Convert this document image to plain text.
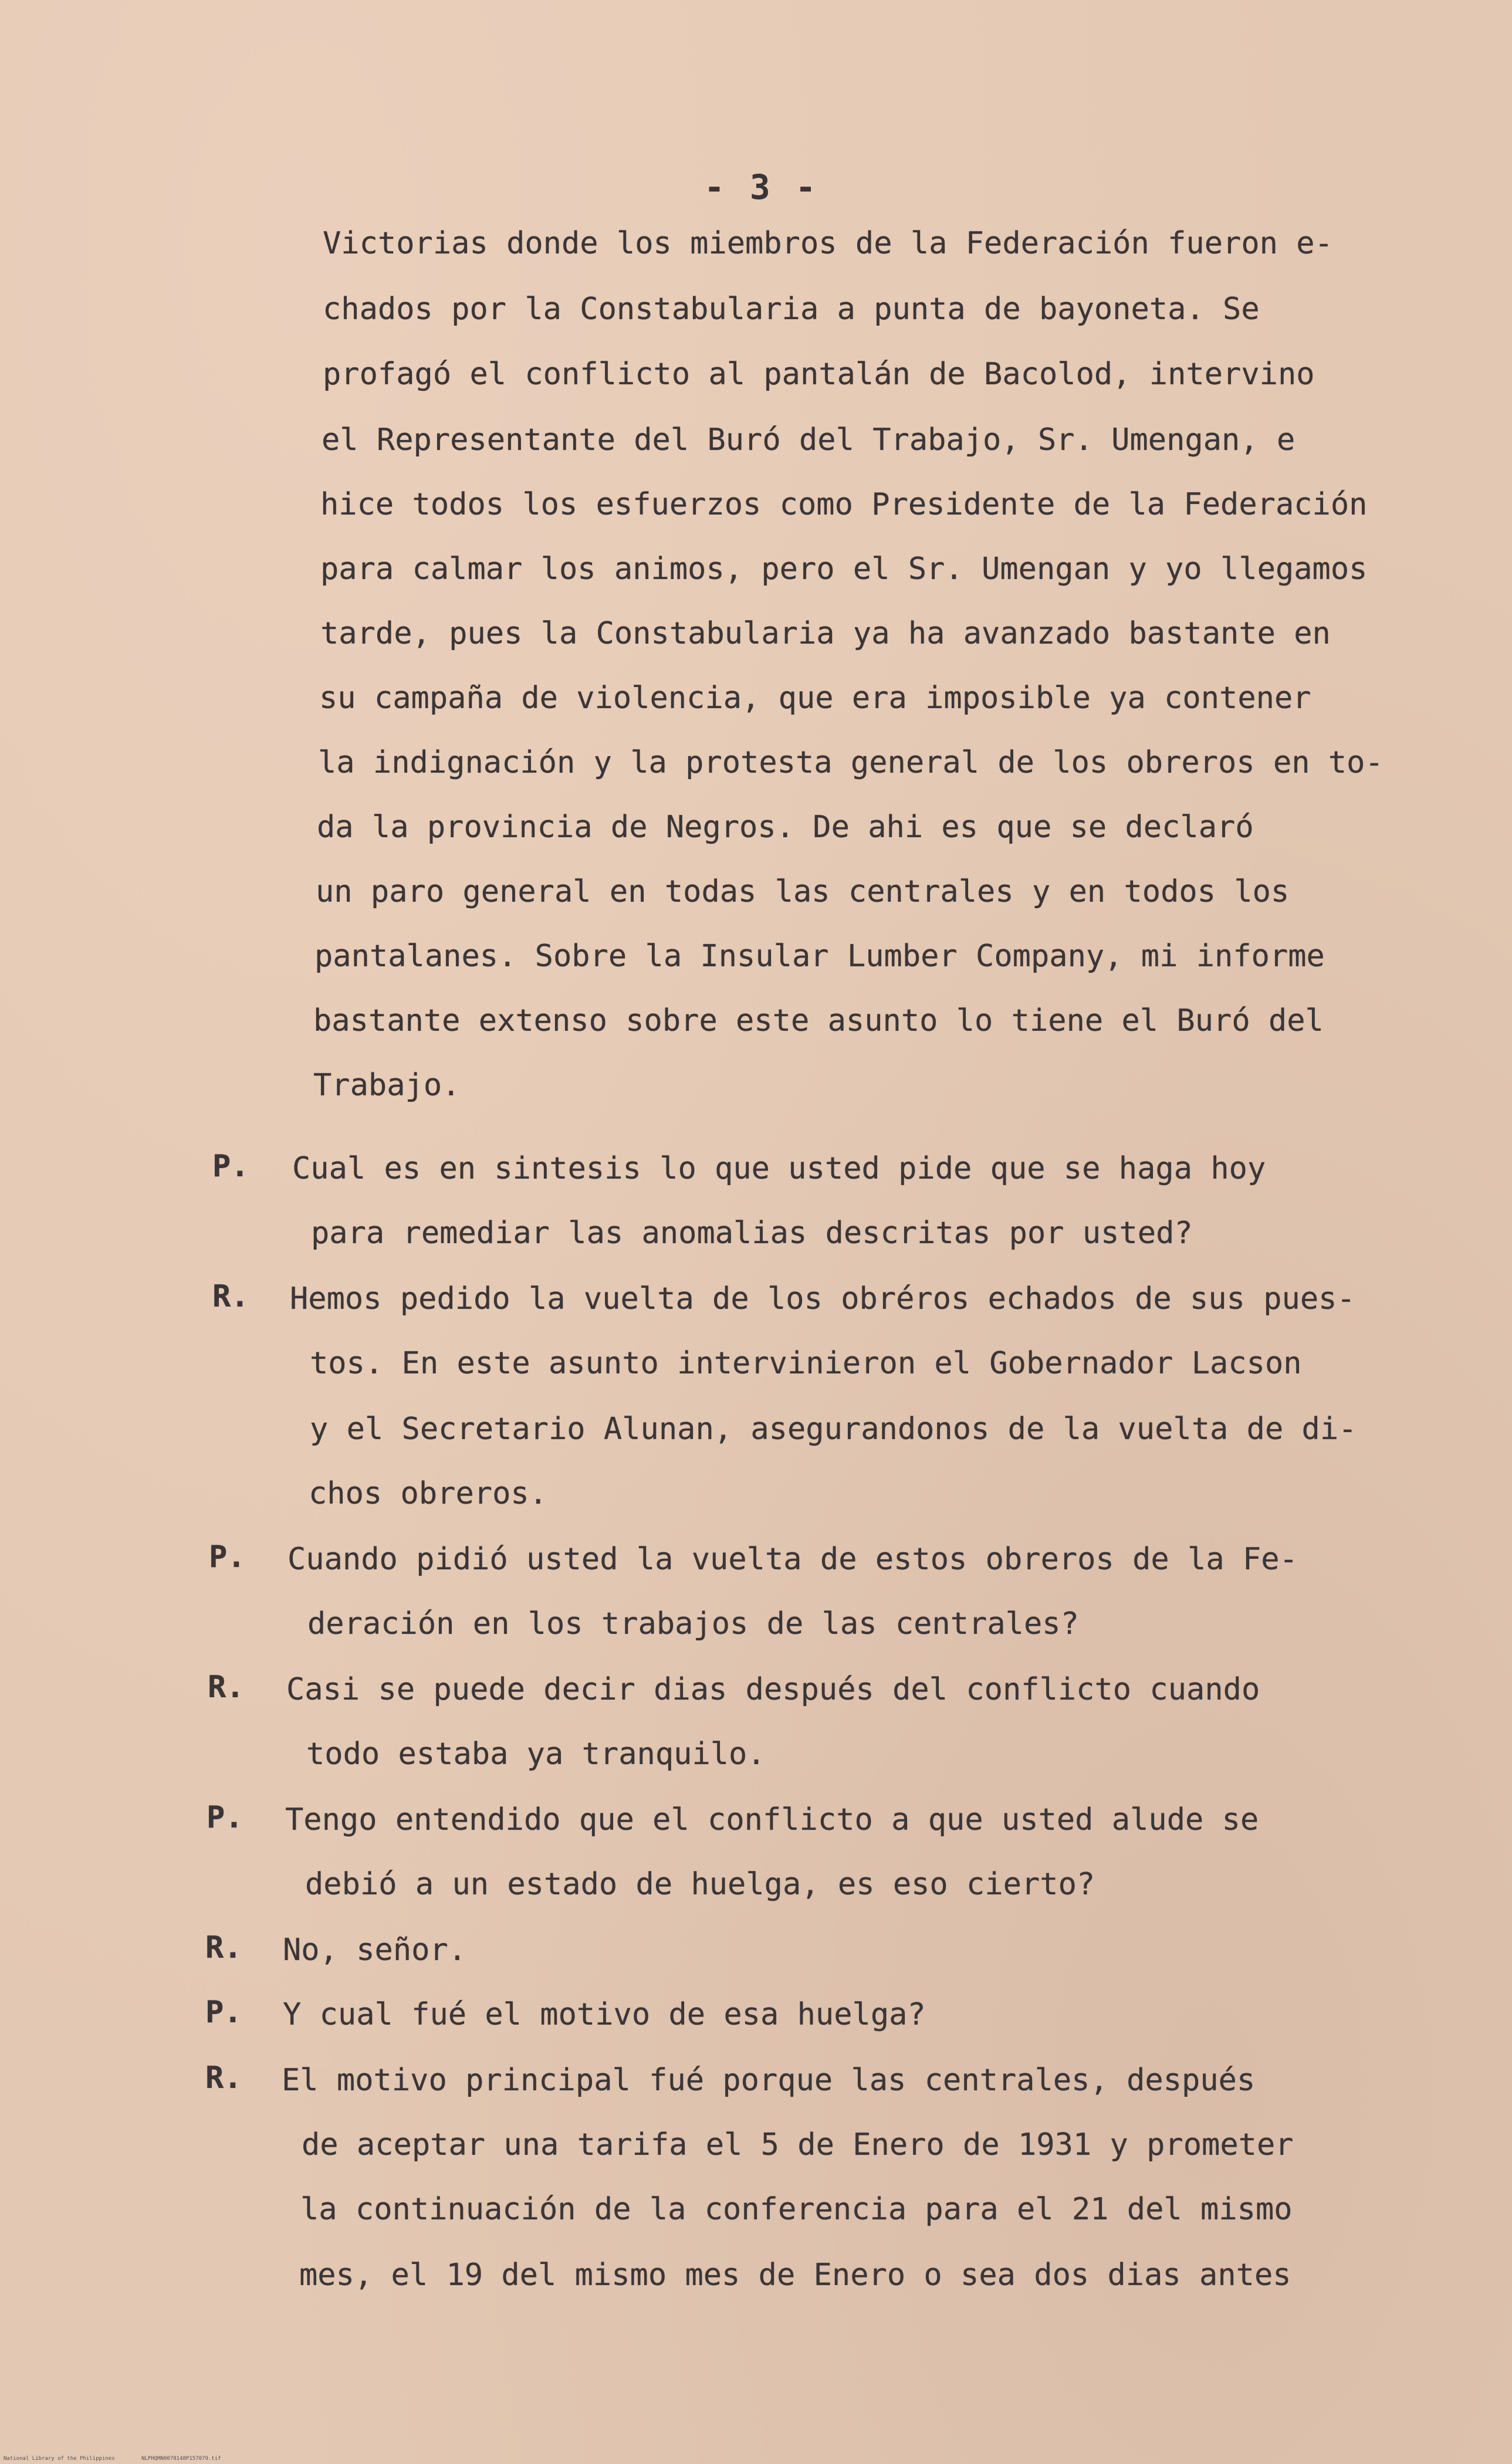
- 3 -
Victorias donde los miembros de la Federación fueron e-
chados por la Constabularia a punta de bayoneta. Se
profagó el conflicto al pantalán de Bacolod, intervino
el Representante del Buró del Trabajo, Sr. Umengan, e
hice todos los esfuerzos como Presidente de la Federación
para calmar los animos, pero el Sr. Umengan y yo llegamos
tarde, pues la Constabularia ya ha avanzado bastante en
su campaña de violencia, que era imposible ya contener
la indignación y la protesta general de los obreros en to-
da la provincia de Negros. De ahi es que se declaró
un paro general en todas las centrales y en todos los
pantalanes. Sobre la Insular Lumber Company, mi informe
bastante extenso sobre este asunto lo tiene el Buró del
Trabajo.
P. Cual es en sintesis lo que usted pide que se haga hoy
para remediar las anomalias descritas por usted?
R. Hemos pedido la vuelta de los obréros echados de sus pues-
tos. En este asunto intervinieron el Gobernador Lacson
y el Secretario Alunan, asegurandonos de la vuelta de di-
chos obreros.
P. Cuando pidió usted la vuelta de estos obreros de la Fe-
deración en los trabajos de las centrales?
R. Casi se puede decir dias después del conflicto cuando
todo estaba ya tranquilo.
P. Tengo entendido que el conflicto a que usted alude se
debió a un estado de huelga, es eso cierto?
R. No, señor.
P. Y cual fué el motivo de esa huelga?
R. El motivo principal fué porque las centrales, después
de aceptar una tarifa el 5 de Enero de 1931 y prometer
la continuación de la conferencia para el 21 del mismo
mes, el 19 del mismo mes de Enero o sea dos dias antes
National Library of the Philippines	NLPHQMN0078148P157079.tif
